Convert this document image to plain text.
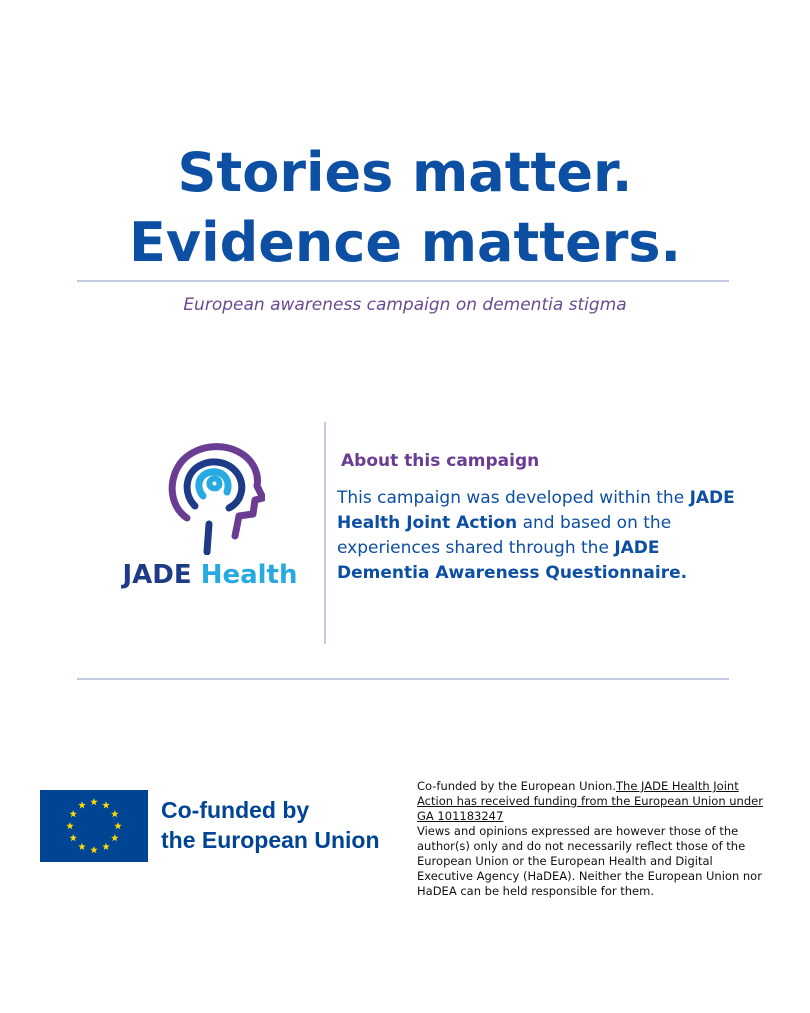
Stories matter.
Evidence matters.
European awareness campaign on dementia stigma
JADE Health
About this campaign

This campaign was developed within the JADE Health Joint Action and based on the experiences shared through the JADE Dementia Awareness Questionnaire.

Co-funded by
the European Union

Co-funded by the European Union.The JADE Health Joint Action has received funding from the European Union under GA 101183247
Views and opinions expressed are however those of the author(s) only and do not necessarily reflect those of the European Union or the European Health and Digital Executive Agency (HaDEA). Neither the European Union nor HaDEA can be held responsible for them.
